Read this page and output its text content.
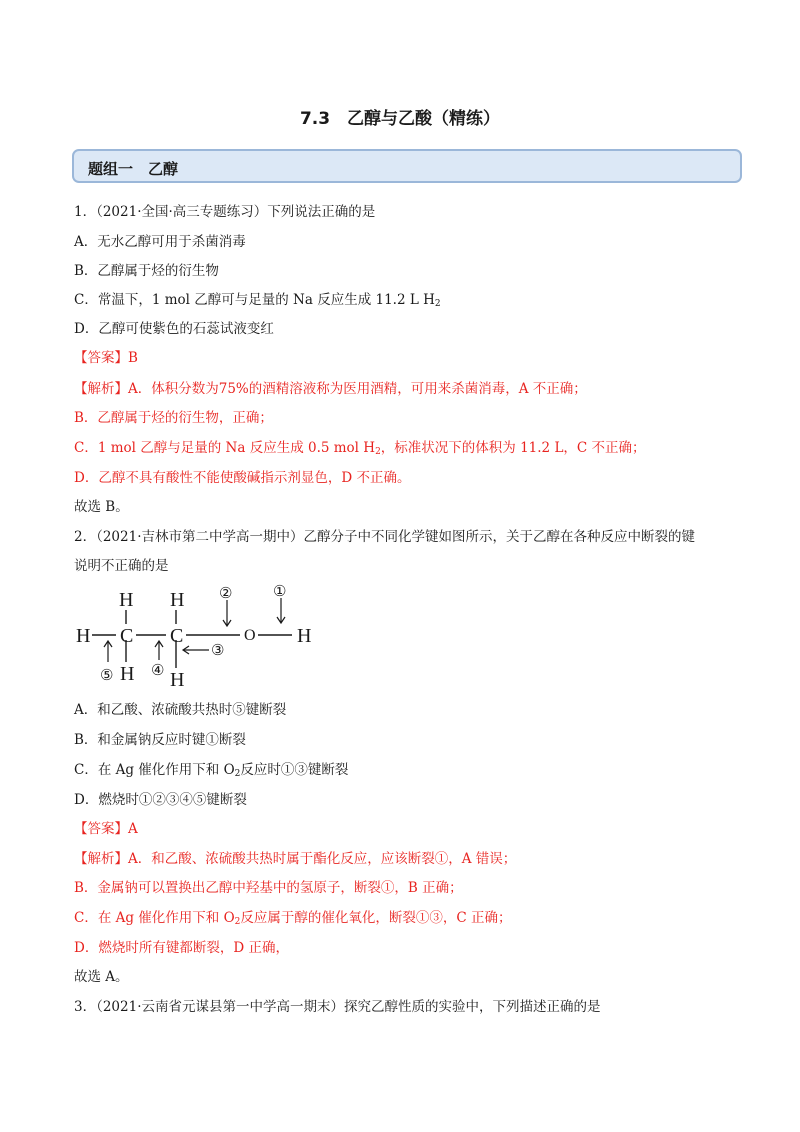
7.3　乙醇与乙酸（精练）
题组一　乙醇
1．（2021·全国·高三专题练习）下列说法正确的是
A．无水乙醇可用于杀菌消毒
B．乙醇属于烃的衍生物
C．常温下，1 mol 乙醇可与足量的 Na 反应生成 11.2 L $H_2$
D．乙醇可使紫色的石蕊试液变红
【答案】B
【解析】A．体积分数为75%的酒精溶液称为医用酒精，可用来杀菌消毒，A 不正确；
B．乙醇属于烃的衍生物，正确；
C．1 mol 乙醇与足量的 Na 反应生成 0.5 mol $H_2$，标准状况下的体积为 11.2 L，C 不正确；
D．乙醇不具有酸性不能使酸碱指示剂显色，D 不正确。
故选 B。
2．（2021·吉林市第二中学高一期中）乙醇分子中不同化学键如图所示，关于乙醇在各种反应中断裂的键
说明不正确的是
H
H
C
H
C	O H
H H
①
②
③
④
⑤
A．和乙酸、浓硫酸共热时⑤键断裂
B．和金属钠反应时键①断裂
C．在 Ag 催化作用下和 $O_2$反应时①③键断裂
D．燃烧时①②③④⑤键断裂
【答案】A
【解析】A．和乙酸、浓硫酸共热时属于酯化反应，应该断裂①，A 错误；
B．金属钠可以置换出乙醇中羟基中的氢原子，断裂①，B 正确；
C．在 Ag 催化作用下和 $O_2$反应属于醇的催化氧化，断裂①③，C 正确；
D．燃烧时所有键都断裂，D 正确，
故选 A。
3．（2021·云南省元谋县第一中学高一期末）探究乙醇性质的实验中，下列描述正确的是
